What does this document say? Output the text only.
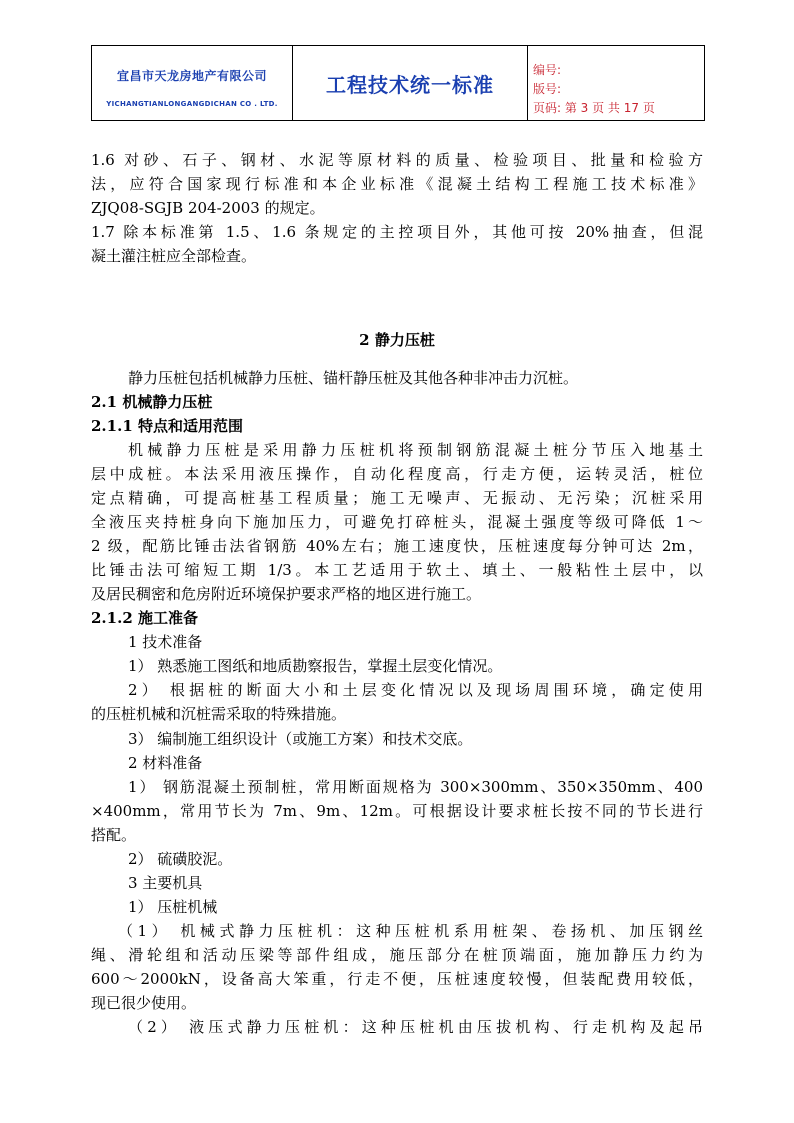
宜昌市天龙房地产有限公司
YICHANGTIANLONGANGDICHAN CO . LTD.
工程技术统一标准
编号:
版号:
页码: 第 3 页 共 17 页
1.6 对砂、石子、钢材、水泥等原材料的质量、检验项目、批量和检验方
法，应符合国家现行标准和本企业标准《混凝土结构工程施工技术标准》
ZJQ08-SGJB 204-2003 的规定。
1.7 除本标准第 1.5、1.6 条规定的主控项目外，其他可按 20%抽查，但混
凝土灌注桩应全部检查。
2 静力压桩
静力压桩包括机械静力压桩、锚杆静压桩及其他各种非冲击力沉桩。
2.1 机械静力压桩
2.1.1 特点和适用范围
机械静力压桩是采用静力压桩机将预制钢筋混凝土桩分节压入地基土
层中成桩。本法采用液压操作，自动化程度高，行走方便，运转灵活，桩位
定点精确，可提高桩基工程质量；施工无噪声、无振动、无污染；沉桩采用
全液压夹持桩身向下施加压力，可避免打碎桩头，混凝土强度等级可降低 1～
2 级，配筋比锤击法省钢筋 40%左右；施工速度快，压桩速度每分钟可达 2m，
比锤击法可缩短工期 1/3。本工艺适用于软土、填土、一般粘性土层中，以
及居民稠密和危房附近环境保护要求严格的地区进行施工。
2.1.2 施工准备
1 技术准备
1） 熟悉施工图纸和地质勘察报告，掌握土层变化情况。
2） 根据桩的断面大小和土层变化情况以及现场周围环境，确定使用
的压桩机械和沉桩需采取的特殊措施。
3） 编制施工组织设计（或施工方案）和技术交底。
2 材料准备
1） 钢筋混凝土预制桩，常用断面规格为 300×300mm、350×350mm、400
×400mm，常用节长为 7m、9m、12m。可根据设计要求桩长按不同的节长进行
搭配。
2） 硫磺胶泥。
3 主要机具
1） 压桩机械
（1） 机械式静力压桩机：这种压桩机系用桩架、卷扬机、加压钢丝
绳、滑轮组和活动压梁等部件组成，施压部分在桩顶端面，施加静压力约为
600～2000kN，设备高大笨重，行走不便，压桩速度较慢，但装配费用较低，
现已很少使用。
（2） 液压式静力压桩机：这种压桩机由压拔机构、行走机构及起吊
